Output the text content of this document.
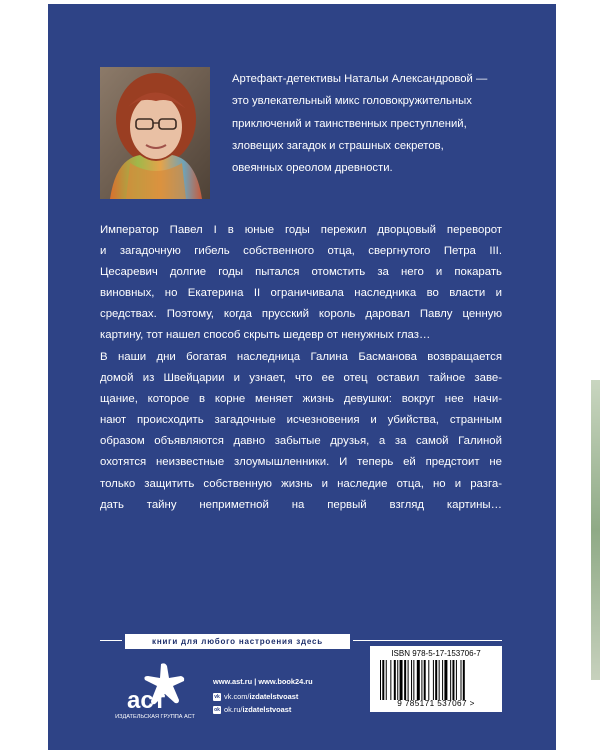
Артефакт-детективы Натальи Александровой —

это увлекательный микс головокружительных

приключений и таинственных преступлений,

зловещих загадок и страшных секретов,

овеянных ореолом древности.

Император Павел I в юные годы пережил дворцовый переворот
и загадочную гибель собственного отца, свергнутого Петра III.
Цесаревич долгие годы пытался отомстить за него и покарать
виновных, но Екатерина II ограничивала наследника во власти и
средствах. Поэтому, когда прусский король даровал Павлу ценную
картину, тот нашел способ скрыть шедевр от ненужных глаз…
В наши дни богатая наследница Галина Басманова возвращается
домой из Швейцарии и узнает, что ее отец оставил тайное заве-
щание, которое в корне меняет жизнь девушки: вокруг нее начи-
нают происходить загадочные исчезновения и убийства, странным
образом объявляются давно забытые друзья, а за самой Галиной
охотятся неизвестные злоумышленники. И теперь ей предстоит не
только защитить собственную жизнь и наследие отца, но и разга-
дать тайну неприметной на первый взгляд картины…
книги для любого настроения здесь
аст
ИЗДАТЕЛЬСКАЯ ГРУППА АСТ
www.ast.ru | www.book24.ru
vk vk.com/ izdatelstvoast
ok ok.ru/ izdatelstvoast
ISBN 978-5-17-153706-7
9 785171 537067 >
